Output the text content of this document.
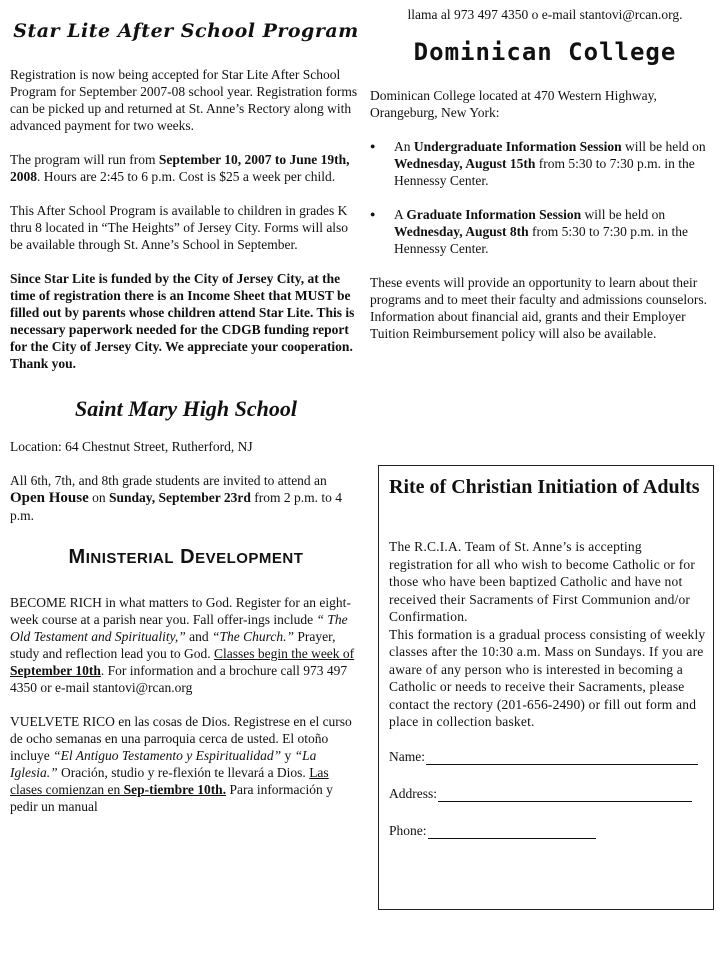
Star Lite After School Program

Registration is now being accepted for Star Lite After School Program for September 2007-08 school year. Registration forms can be picked up and returned at St. Anne’s Rectory along with advanced payment for two weeks.

The program will run from September 10, 2007 to June 19th, 2008. Hours are 2:45 to 6 p.m. Cost is $25 a week per child.

This After School Program is available to children in grades K thru 8 located in “The Heights” of Jersey City. Forms will also be available through St. Anne’s School in September.

Since Star Lite is funded by the City of Jersey City, at the time of registration there is an Income Sheet that MUST be filled out by parents whose children attend Star Lite. This is necessary paperwork needed for the CDGB funding report for the City of Jersey City. We appreciate your cooperation. Thank you.

Saint Mary High School

Location: 64 Chestnut Street, Rutherford, NJ

All 6th, 7th, and 8th grade students are invited to attend an Open House on Sunday, September 23rd from 2 p.m. to 4 p.m.

MINISTERIAL DEVELOPMENT

BECOME RICH in what matters to God. Register for an eight-week course at a parish near you. Fall offer-ings include “ The Old Testament and Spirituality,” and “The Church.” Prayer, study and reflection lead you to God. Classes begin the week of September 10th. For information and a brochure call 973 497 4350 or e-mail stantovi@rcan.org

VUELVETE RICO en las cosas de Dios. Registrese en el curso de ocho semanas en una parroquia cerca de usted. El otoño incluye “El Antiguo Testamento y Espiritualidad” y “La Iglesia.” Oración, studio y re-flexión te llevará a Dios. Las clases comienzan en Sep-tiembre 10th. Para información y pedir un manual

llama al 973 497 4350 o e-mail stantovi@rcan.org.

Dominican College

Dominican College located at 470 Western Highway, Orangeburg, New York:

● An Undergraduate Information Session will be held on Wednesday, August 15th from 5:30 to 7:30 p.m. in the Hennessy Center.
● A Graduate Information Session will be held on Wednesday, August 8th from 5:30 to 7:30 p.m. in the Hennessy Center.

These events will provide an opportunity to learn about their programs and to meet their faculty and admissions counselors. Information about financial aid, grants and their Employer Tuition Reimbursement policy will also be available.

Rite of Christian Initiation of Adults

The R.C.I.A. Team of St. Anne’s is accepting registration for all who wish to become Catholic or for those who have been baptized Catholic and have not received their Sacraments of First Communion and/or Confirmation.

This formation is a gradual process consisting of weekly classes after the 10:30 a.m. Mass on Sundays. If you are aware of any person who is interested in becoming a Catholic or needs to receive their Sacraments, please contact the rectory (201-656-2490) or fill out form and place in collection basket.

Name:
Address:
Phone:
